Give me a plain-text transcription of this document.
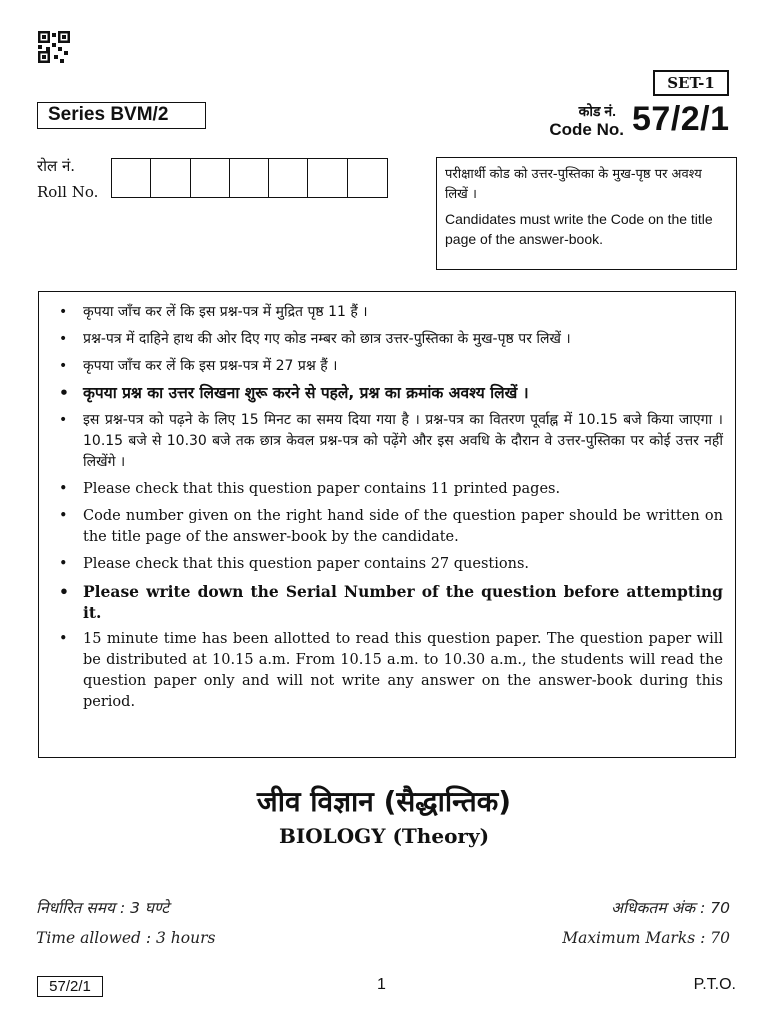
SET-1
Series BVM/2	कोड नं.
Code No. 57/2/1
रोल नं.
Roll No.

परीक्षार्थी कोड को उत्तर-पुस्तिका के मुख-पृष्ठ पर अवश्य लिखें ।

Candidates must write the Code on the title page of the answer-book.

• कृपया जाँच कर लें कि इस प्रश्न-पत्र में मुद्रित पृष्ठ 11 हैं ।
• प्रश्न-पत्र में दाहिने हाथ की ओर दिए गए कोड नम्बर को छात्र उत्तर-पुस्तिका के मुख-पृष्ठ पर लिखें ।
• कृपया जाँच कर लें कि इस प्रश्न-पत्र में 27 प्रश्न हैं ।
• कृपया प्रश्न का उत्तर लिखना शुरू करने से पहले, प्रश्न का क्रमांक अवश्य लिखें ।
• इस प्रश्न-पत्र को पढ़ने के लिए 15 मिनट का समय दिया गया है । प्रश्न-पत्र का वितरण पूर्वाह्न में 10.15 बजे किया जाएगा । 10.15 बजे से 10.30 बजे तक छात्र केवल प्रश्न-पत्र को पढ़ेंगे और इस अवधि के दौरान वे उत्तर-पुस्तिका पर कोई उत्तर नहीं लिखेंगे ।
• Please check that this question paper contains 11 printed pages.
• Code number given on the right hand side of the question paper should be written on the title page of the answer-book by the candidate.
• Please check that this question paper contains 27 questions.
• Please write down the Serial Number of the question before attempting it.
• 15 minute time has been allotted to read this question paper. The question paper will be distributed at 10.15 a.m. From 10.15 a.m. to 10.30 a.m., the students will read the question paper only and will not write any answer on the answer-book during this period.
जीव विज्ञान (सैद्धान्तिक)
BIOLOGY (Theory)
निर्धारित समय : 3 घण्टे
Time allowed : 3 hours
अधिकतम अंक : 70
Maximum Marks : 70
57/2/1	1	P.T.O.
